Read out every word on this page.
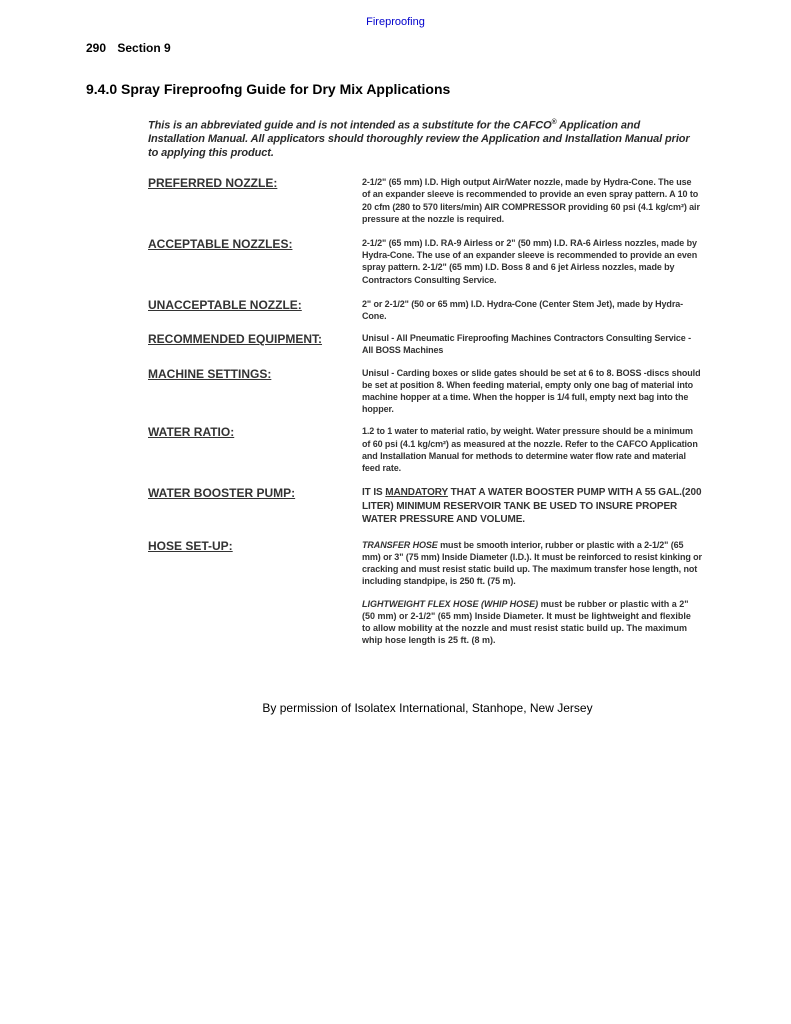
Fireproofing
290 Section 9
9.4.0 Spray Fireproofng Guide for Dry Mix Applications
This is an abbreviated guide and is not intended as a substitute for the CAFCO® Application and Installation Manual. All applicators should thoroughly review the Application and Installation Manual prior to applying this product.
PREFERRED NOZZLE:	2-1/2" (65 mm) I.D. High output Air/Water nozzle, made by Hydra-Cone. The use of an expander sleeve is recommended to provide an even spray pattern. A 10 to 20 cfm (280 to 570 liters/min) AIR COMPRESSOR providing 60 psi (4.1 kg/cm²) air pressure at the nozzle is required.
ACCEPTABLE NOZZLES:	2-1/2" (65 mm) I.D. RA-9 Airless or 2" (50 mm) I.D. RA-6 Airless nozzles, made by Hydra-Cone. The use of an expander sleeve is recommended to provide an even spray pattern. 2-1/2" (65 mm) I.D. Boss 8 and 6 jet Airless nozzles, made by Contractors Consulting Service.
UNACCEPTABLE NOZZLE:	2" or 2-1/2" (50 or 65 mm) I.D. Hydra-Cone (Center Stem Jet), made by Hydra-Cone.
RECOMMENDED EQUIPMENT:	Unisul - All Pneumatic Fireproofing Machines Contractors Consulting Service - All BOSS Machines
MACHINE SETTINGS:	Unisul - Carding boxes or slide gates should be set at 6 to 8. BOSS -discs should be set at position 8. When feeding material, empty only one bag of material into machine hopper at a time. When the hopper is 1/4 full, empty next bag into the hopper.
WATER RATIO:	1.2 to 1 water to material ratio, by weight. Water pressure should be a minimum of 60 psi (4.1 kg/cm²) as measured at the nozzle. Refer to the CAFCO Application and Installation Manual for methods to determine water flow rate and material feed rate.
WATER BOOSTER PUMP:	IT IS MANDATORY THAT A WATER BOOSTER PUMP WITH A 55 GAL.(200 LITER) MINIMUM RESERVOIR TANK BE USED TO INSURE PROPER WATER PRESSURE AND VOLUME.
HOSE SET-UP:	TRANSFER HOSE must be smooth interior, rubber or plastic with a 2-1/2" (65 mm) or 3" (75 mm) Inside Diameter (I.D.). It must be reinforced to resist kinking or cracking and must resist static build up. The maximum transfer hose length, not including standpipe, is 250 ft. (75 m).
LIGHTWEIGHT FLEX HOSE (WHIP HOSE) must be rubber or plastic with a 2" (50 mm) or 2-1/2" (65 mm) Inside Diameter. It must be lightweight and flexible to allow mobility at the nozzle and must resist static build up. The maximum whip hose length is 25 ft. (8 m).
By permission of Isolatex International, Stanhope, New Jersey
